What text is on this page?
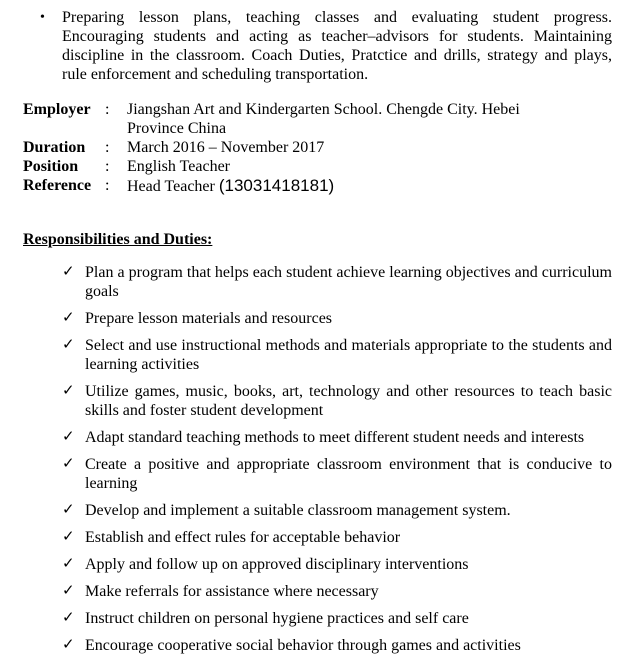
•	Preparing lesson plans, teaching classes and evaluating student progress. Encouraging students and acting as teacher–advisors for students. Maintaining discipline in the classroom. Coach Duties, Pratctice and drills, strategy and plays, rule enforcement and scheduling transportation.

Employer :	Jiangshan Art and Kindergarten School. Chengde City. Hebei Province China
Duration	:	March 2016 – November 2017
Position	:	English Teacher
Reference :	Head Teacher (13031418181)
Responsibilities and Duties:
✓ Plan a program that helps each student achieve learning objectives and curriculum goals
✓ Prepare lesson materials and resources
✓ Select and use instructional methods and materials appropriate to the students and learning activities
✓ Utilize games, music, books, art, technology and other resources to teach basic skills and foster student development
✓ Adapt standard teaching methods to meet different student needs and interests
✓ Create a positive and appropriate classroom environment that is conducive to learning
✓ Develop and implement a suitable classroom management system.
✓ Establish and effect rules for acceptable behavior
✓ Apply and follow up on approved disciplinary interventions
✓ Make referrals for assistance where necessary
✓ Instruct children on personal hygiene practices and self care
✓ Encourage cooperative social behavior through games and activities
